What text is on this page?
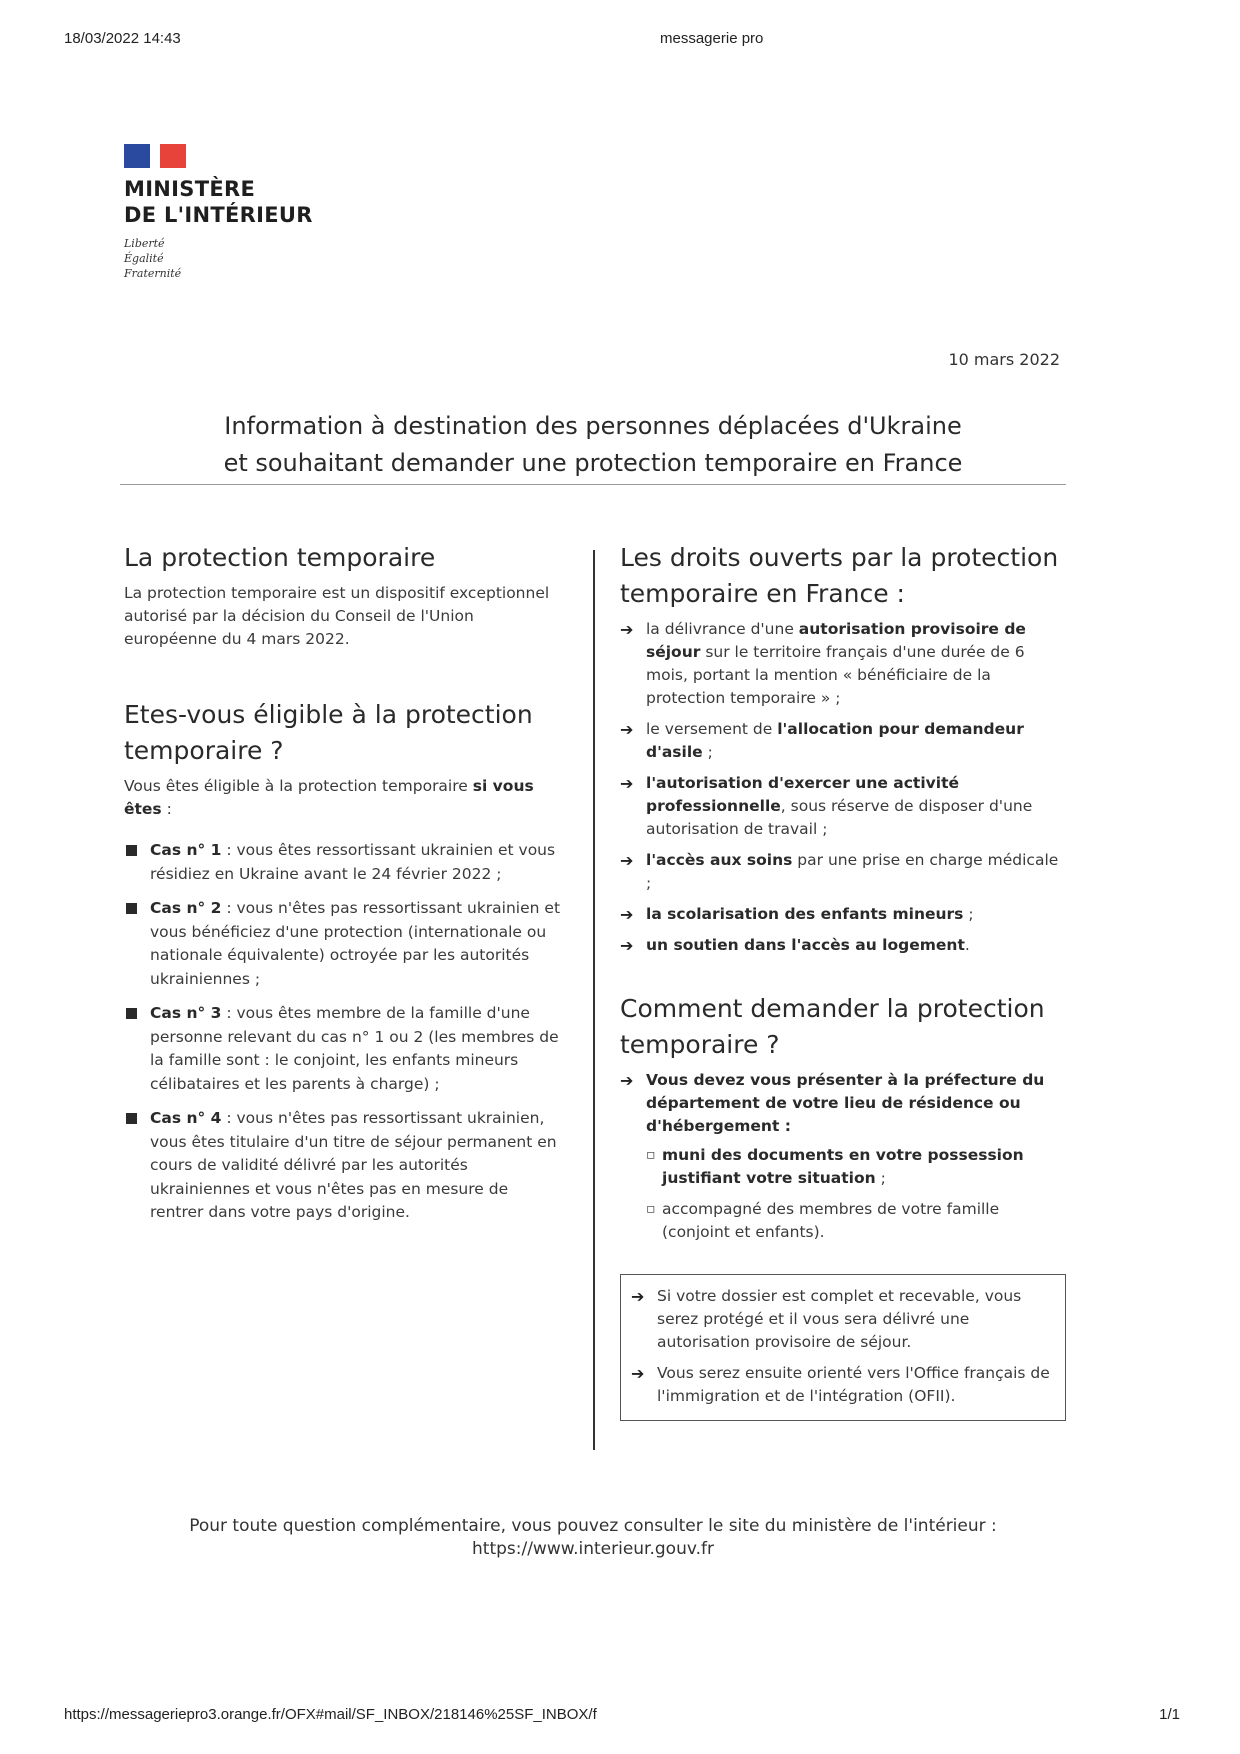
18/03/2022 14:43	messagerie pro
MINISTÈRE
DE L'INTÉRIEUR
Liberté
Égalité
Fraternité
10 mars 2022
Information à destination des personnes déplacées d'Ukraine
et souhaitant demander une protection temporaire en France
La protection temporaire

La protection temporaire est un dispositif exceptionnel autorisé par la décision du Conseil de l'Union européenne du 4 mars 2022.

Etes-vous éligible à la protection temporaire ?

Vous êtes éligible à la protection temporaire si vous êtes :

Cas n° 1 : vous êtes ressortissant ukrainien et vous résidiez en Ukraine avant le 24 février 2022 ;
Cas n° 2 : vous n'êtes pas ressortissant ukrainien et vous bénéficiez d'une protection (internationale ou nationale équivalente) octroyée par les autorités ukrainiennes ;
Cas n° 3 : vous êtes membre de la famille d'une personne relevant du cas n° 1 ou 2 (les membres de la famille sont : le conjoint, les enfants mineurs célibataires et les parents à charge) ;
Cas n° 4 : vous n'êtes pas ressortissant ukrainien, vous êtes titulaire d'un titre de séjour permanent en cours de validité délivré par les autorités ukrainiennes et vous n'êtes pas en mesure de rentrer dans votre pays d'origine.
Les droits ouverts par la protection temporaire en France :
➔ la délivrance d'une autorisation provisoire de séjour sur le territoire français d'une durée de 6 mois, portant la mention « bénéficiaire de la protection temporaire » ;
➔ le versement de l'allocation pour demandeur d'asile ;
➔ l'autorisation d'exercer une activité professionnelle, sous réserve de disposer d'une autorisation de travail ;
➔ l'accès aux soins par une prise en charge médicale ;
➔ la scolarisation des enfants mineurs ;
➔ un soutien dans l'accès au logement.
Comment demander la protection temporaire ?
➔ Vous devez vous présenter à la préfecture du département de votre lieu de résidence ou d'hébergement :
▫ muni des documents en votre possession justifiant votre situation ;
▫ accompagné des membres de votre famille (conjoint et enfants).
➔ Si votre dossier est complet et recevable, vous serez protégé et il vous sera délivré une autorisation provisoire de séjour.
➔ Vous serez ensuite orienté vers l'Office français de l'immigration et de l'intégration (OFII).
Pour toute question complémentaire, vous pouvez consulter le site du ministère de l'intérieur :
https://www.interieur.gouv.fr
https://messageriepro3.orange.fr/OFX#mail/SF_INBOX/218146%25SF_INBOX/f	1/1
